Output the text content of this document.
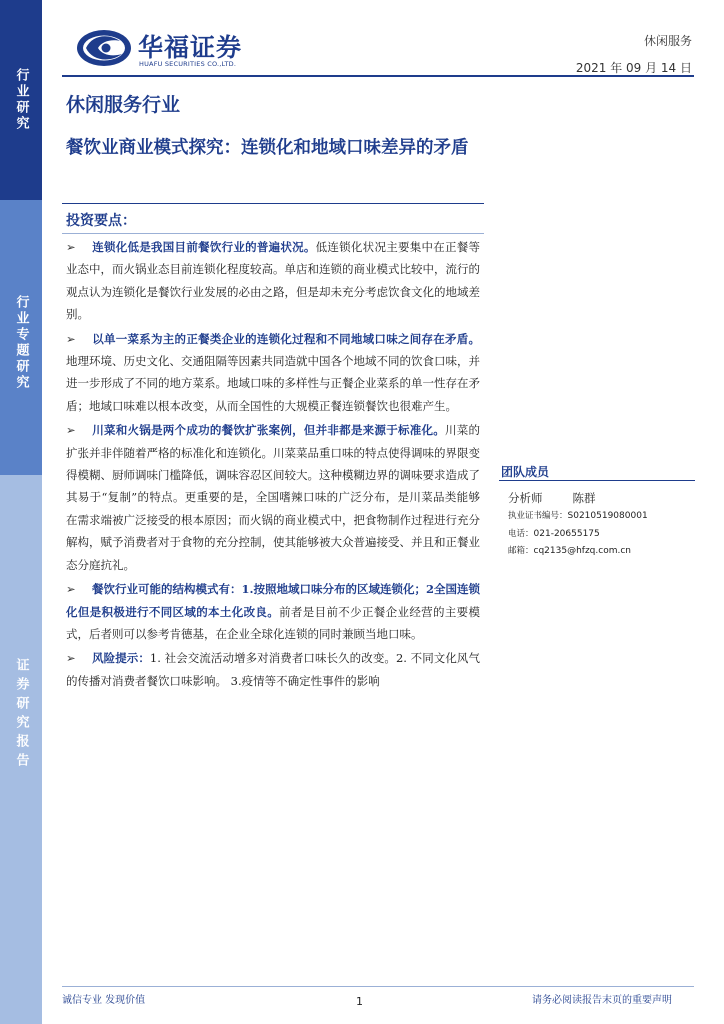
行业研究
行业专题研究
证券研究报告
华福证券
HUAFU SECURITIES CO.,LTD.
休闲服务
2021 年 09 月 14 日
休闲服务行业
餐饮业商业模式探究：连锁化和地域口味差异的矛盾
投资要点：

➢ 连锁化低是我国目前餐饮行业的普遍状况。低连锁化状况主要集中在正餐等业态中，而火锅业态目前连锁化程度较高。单店和连锁的商业模式比较中，流行的观点认为连锁化是餐饮行业发展的必由之路，但是却未充分考虑饮食文化的地域差别。

➢ 以单一菜系为主的正餐类企业的连锁化过程和不同地域口味之间存在矛盾。地理环境、历史文化、交通阻隔等因素共同造就中国各个地域不同的饮食口味，并进一步形成了不同的地方菜系。地域口味的多样性与正餐企业菜系的单一性存在矛盾；地域口味难以根本改变，从而全国性的大规模正餐连锁餐饮也很难产生。

➢ 川菜和火锅是两个成功的餐饮扩张案例，但并非都是来源于标准化。川菜的扩张并非伴随着严格的标准化和连锁化。川菜菜品重口味的特点使得调味的界限变得模糊、厨师调味门槛降低，调味容忍区间较大。这种模糊边界的调味要求造成了其易于“复制”的特点。更重要的是，全国嗜辣口味的广泛分布，是川菜品类能够在需求端被广泛接受的根本原因；而火锅的商业模式中，把食物制作过程进行充分解构，赋予消费者对于食物的充分控制，使其能够被大众普遍接受、并且和正餐业态分庭抗礼。

➢ 餐饮行业可能的结构模式有：1.按照地域口味分布的区域连锁化；2全国连锁化但是积极进行不同区域的本土化改良。前者是目前不少正餐企业经营的主要模式，后者则可以参考肯德基，在企业全球化连锁的同时兼顾当地口味。

➢ 风险提示：1. 社会交流活动增多对消费者口味长久的改变。2. 不同文化风气的传播对消费者餐饮口味影响。 3.疫情等不确定性事件的影响

团队成员
分析师	陈群
执业证书编号：S0210519080001
电话：021-20655175
邮箱：cq2135@hfzq.com.cn
诚信专业 发现价值	1	请务必阅读报告末页的重要声明
